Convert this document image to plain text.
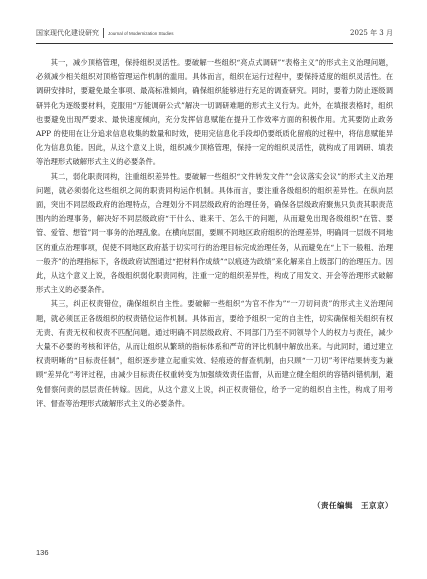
国家现代化建设研究 Journal of Modernization Studies	2025 年 3 月

其一，减少顶格管理，保持组织灵活性。要破解一些组织“亮点式调研”“表格主义”的形式主义治理问题，必须减少相关组织对顶格管理运作机制的滥用。具体而言，组织在运行过程中，要保持适度的组织灵活性。在调研安排时，要避免最全事项、最高标准倾向，确保组织能够进行充足的调查研究。同时，要着力防止逐级调研异化为逐级要材料，克服用“万能调研公式”解决一切调研难题的形式主义行为。此外，在填报表格时，组织也要避免出现严要求、最快速度倾向，充分发挥信息赋能在提升工作效率方面的积极作用。尤其要防止政务 APP 的使用在让分追求信息收集的数量和时效，使用完信息化手段却仍要纸质化留痕的过程中，将信息赋能异化为信息负能。因此，从这个意义上说，组织减少顶格管理，保持一定的组织灵活性，就构成了用调研、填表等治理形式破解形式主义的必要条件。

其二，弱化职责同构，注重组织差异性。要破解一些组织“文件转发文件”“会议落实会议”的形式主义治理问题，就必须弱化这些组织之间的职责同构运作机制。具体而言，要注重各级组织的组织差异性。在纵向层面，突出不同层级政府的治理特点，合理划分不同层级政府的治理任务，确保各层级政府聚焦只负责其职责范围内的治理事务，解决好不同层级政府“干什么、谁来干、怎么干的问题，从而避免出现各级组织“在管、要管、爱管、想管”同一事务的治理乱象。在横向层面，要顾不同地区政府组织的治理差异，明确同一层级不同地区的重点治理事项，促使不同地区政府基于切实可行的治理目标完成治理任务，从而避免在“上下一般粗、治理一般齐”的治理指标下，各级政府试图通过“把材料作成绩”“以痕迹为政绩”来化解来自上级部门的治理压力。因此，从这个意义上说，各级组织弱化职责同构，注重一定的组织差异性，构成了用发文、开会等治理形式破解形式主义的必要条件。

其三，纠正权责错位，确保组织自主性。要破解一些组织“为官不作为”“一刀切问责”的形式主义治理问题，就必须匡正各级组织的权责错位运作机制。具体而言，要给予组织一定的自主性，切实确保相关组织有权无责、有责无权和权责不匹配问题。通过明确不同层级政府、不同部门乃至不同领导个人的权力与责任，减少大量不必要的考核和评估，从而让组织从繁琐的指标体系和严苛的评比机制中解放出来。与此同时，通过建立权责明晰的“目标责任制”，组织逐步建立起重实效、轻痕迹的督查机制，由只顾“一刀切”考评结果转变为兼顾“差异化”考评过程，由减少目标责任权重转变为加强绩效责任监督，从而建立健全组织的容错纠错机制，避免督察问责的层层责任转嫁。因此，从这个意义上说，纠正权责错位，给予一定的组织自主性，构成了用考评、督查等治理形式破解形式主义的必要条件。

（责任编辑　王京京）
136
